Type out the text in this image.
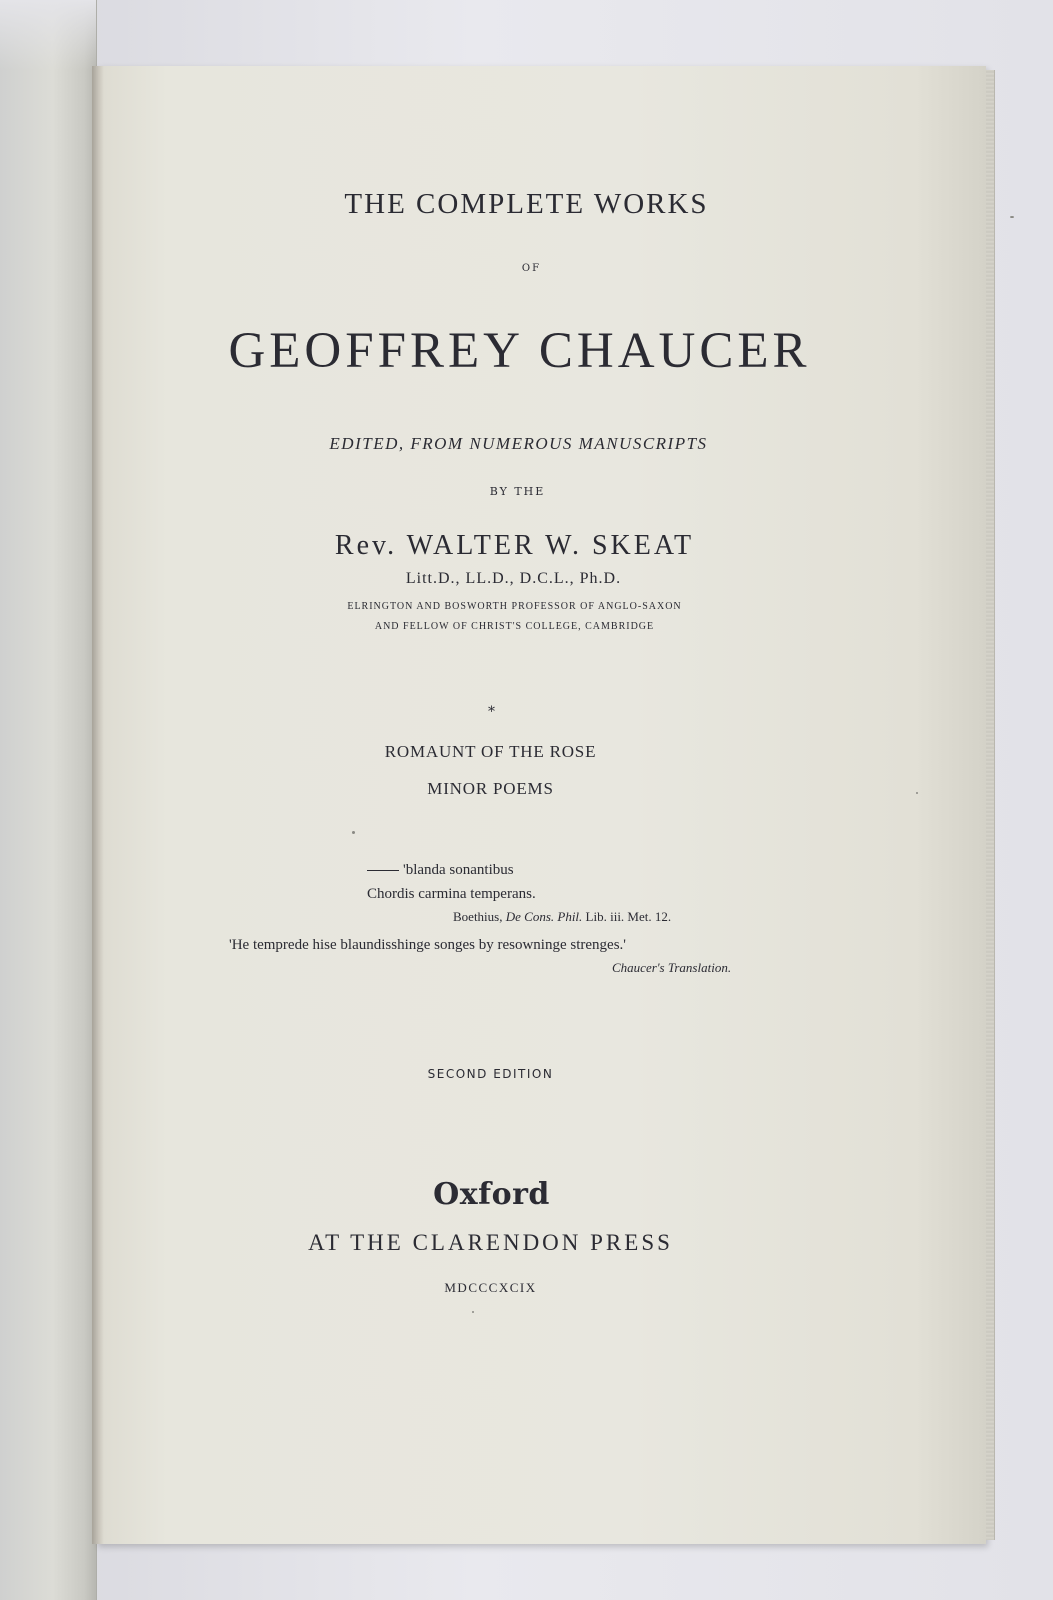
THE COMPLETE WORKS
OF
GEOFFREY CHAUCER
EDITED, FROM NUMEROUS MANUSCRIPTS
BY THE
Rev. WALTER W. SKEAT
Litt.D., LL.D., D.C.L., Ph.D.
ELRINGTON AND BOSWORTH PROFESSOR OF ANGLO-SAXON
AND FELLOW OF CHRIST'S COLLEGE, CAMBRIDGE
*
ROMAUNT OF THE ROSE
MINOR POEMS
'blanda sonantibus
Chordis carmina temperans.
Boethius, De Cons. Phil. Lib. iii. Met. 12.
'He temprede hise blaundisshinge songes by resowninge strenges.'
Chaucer's Translation.
SECOND EDITION
Oxford
AT THE CLARENDON PRESS
MDCCCXCIX
